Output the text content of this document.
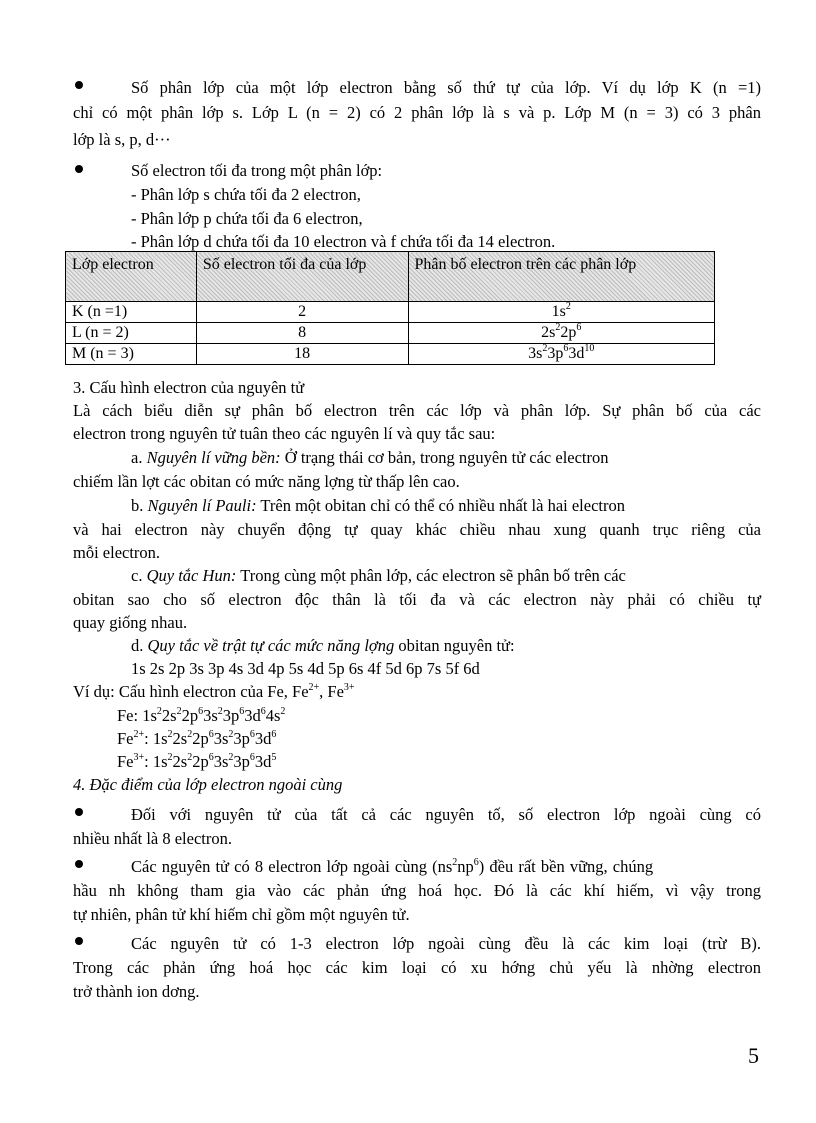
Số phân lớp của một lớp electron bằng số thứ tự của lớp. Ví dụ lớp K (n =1)
chỉ có một phân lớp s. Lớp L (n = 2) có 2 phân lớp là s và p. Lớp M (n = 3) có 3 phân
lớp là s, p, d···
Số electron tối đa trong một phân lớp:
- Phân lớp s chứa tối đa 2 electron,
- Phân lớp p chứa tối đa 6 electron,
- Phân lớp d chứa tối đa 10 electron và f chứa tối đa 14 electron.
Lớp electron	Số electron tối đa của lớp	Phân bố electron trên các phân lớp
K (n =1)	2	$1s^2$
L (n = 2)	8	$2s^22p^6$
M (n = 3)	18	$3s^23p^63d^{10}$
3. Cấu hình electron của nguyên tử
Là cách biểu diễn sự phân bố electron trên các lớp và phân lớp. Sự phân bố của các
electron trong nguyên tử tuân theo các nguyên lí và quy tắc sau:
a. Nguyên lí vững bền: Ở trạng thái cơ bản, trong nguyên tử các electron
chiếm lần lợt các obitan có mức năng lợng từ thấp lên cao.
b. Nguyên lí Pauli: Trên một obitan chỉ có thể có nhiều nhất là hai electron
và hai electron này chuyển động tự quay khác chiều nhau xung quanh trục riêng của
mỗi electron.
c. Quy tắc Hun: Trong cùng một phân lớp, các electron sẽ phân bố trên các
obitan sao cho số electron độc thân là tối đa và các electron này phải có chiều tự
quay giống nhau.
d. Quy tắc về trật tự các mức năng lợng obitan nguyên tử:
1s 2s 2p 3s 3p 4s 3d 4p 5s 4d 5p 6s 4f 5d 6p 7s 5f 6d
Ví dụ: Cấu hình electron của Fe, $Fe^{2+}$, $Fe^{3+}$
Fe: $1s^22s^22p^63s^23p^63d^64s^2$
$Fe^{2+}$: $1s^22s^22p^63s^23p^63d^6$
$Fe^{3+}$: $1s^22s^22p^63s^23p^63d^5$
4. Đặc điểm của lớp electron ngoài cùng
Đối với nguyên tử của tất cả các nguyên tố, số electron lớp ngoài cùng có
nhiều nhất là 8 electron.
Các nguyên tử có 8 electron lớp ngoài cùng $(ns^2np^6)$ đều rất bền vững, chúng
hầu nh không tham gia vào các phản ứng hoá học. Đó là các khí hiếm, vì vậy trong
tự nhiên, phân tử khí hiếm chỉ gồm một nguyên tử.
Các nguyên tử có 1-3 electron lớp ngoài cùng đều là các kim loại (trừ B).
Trong các phản ứng hoá học các kim loại có xu hớng chủ yếu là nhờng electron
trở thành ion dơng.
5
